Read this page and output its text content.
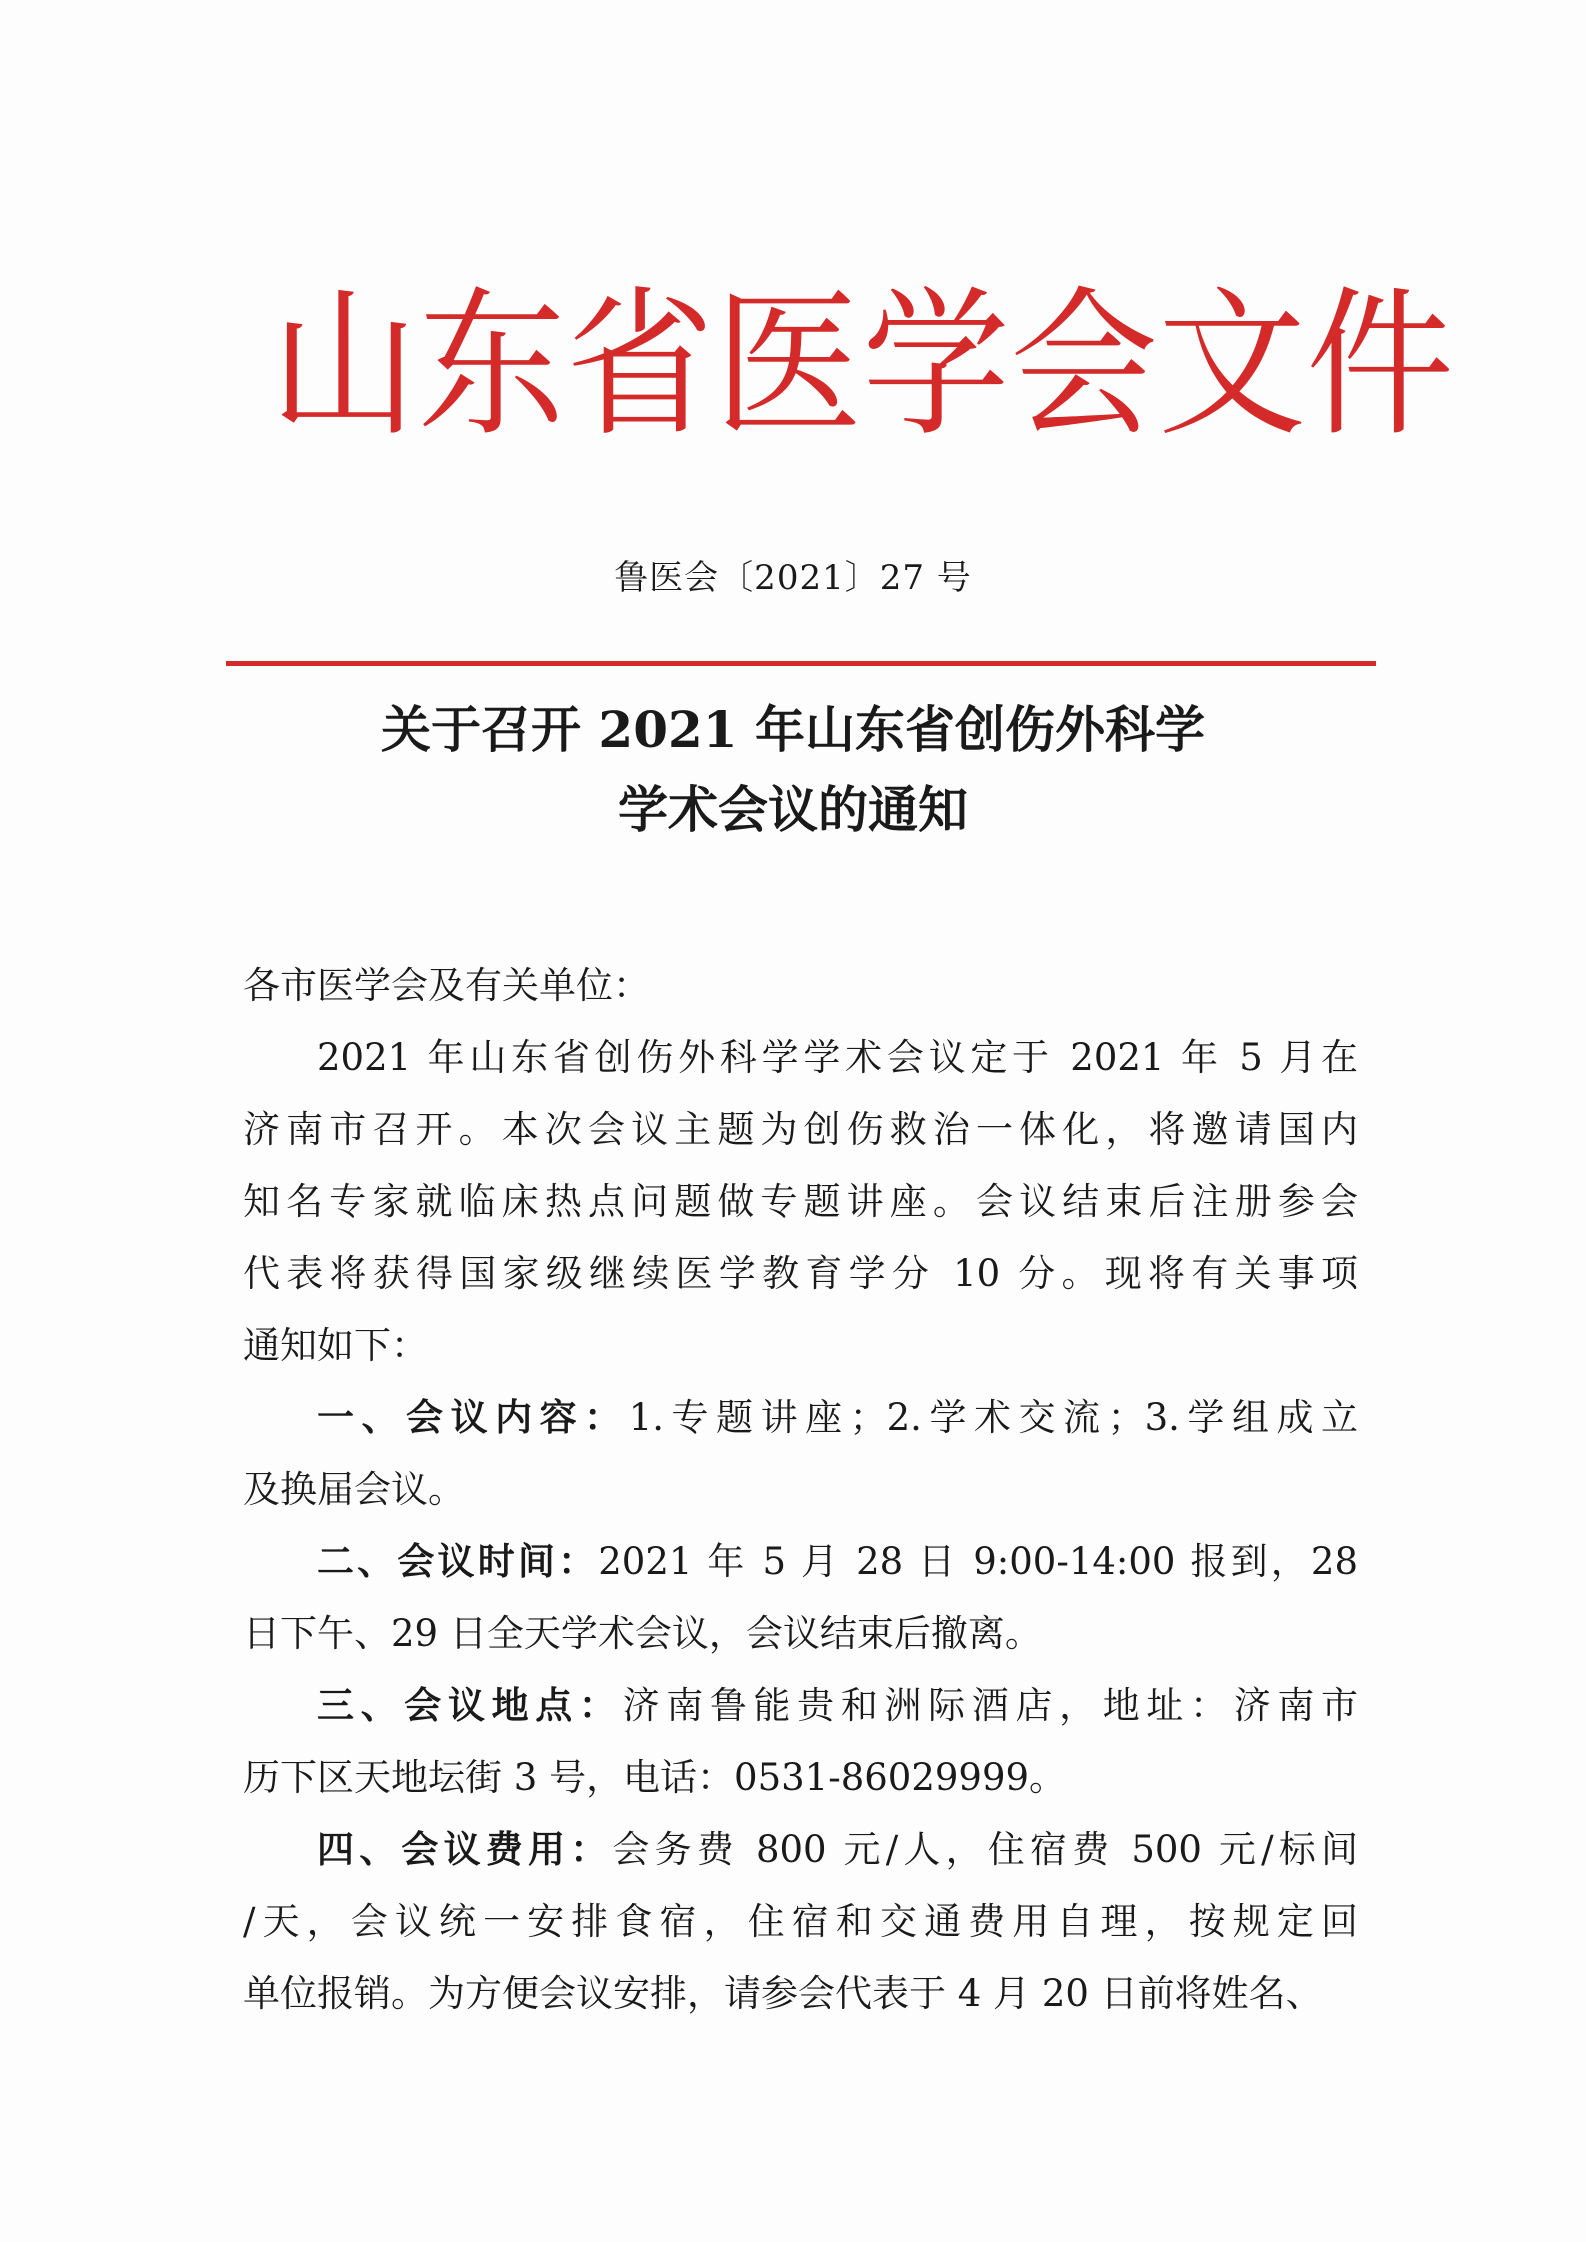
山 东 省 医 学 会 文 件
鲁医会〔2021〕27 号
关于召开 2021 年山东省创伤外科学
学术会议的通知
各市医学会及有关单位：
2021 年山东省创伤外科学学术会议定于 2021 年 5 月在
济南市召开。本次会议主题为创伤救治一体化，将邀请国内
知名专家就临床热点问题做专题讲座。会议结束后注册参会
代表将获得国家级继续医学教育学分 10 分。现将有关事项
通知如下：
一、会议内容：1.专题讲座；2.学术交流；3.学组成立
及换届会议。
二、会议时间：2021 年 5 月 28 日 9:00-14:00 报到，28
日下午、29 日全天学术会议，会议结束后撤离。
三、会议地点：济南鲁能贵和洲际酒店，地址：济南市
历下区天地坛街 3 号，电话：0531-86029999。
四、会议费用：会务费 800 元/人，住宿费 500 元/标间
/天，会议统一安排食宿，住宿和交通费用自理，按规定回
单位报销。为方便会议安排，请参会代表于 4 月 20 日前将姓名、
